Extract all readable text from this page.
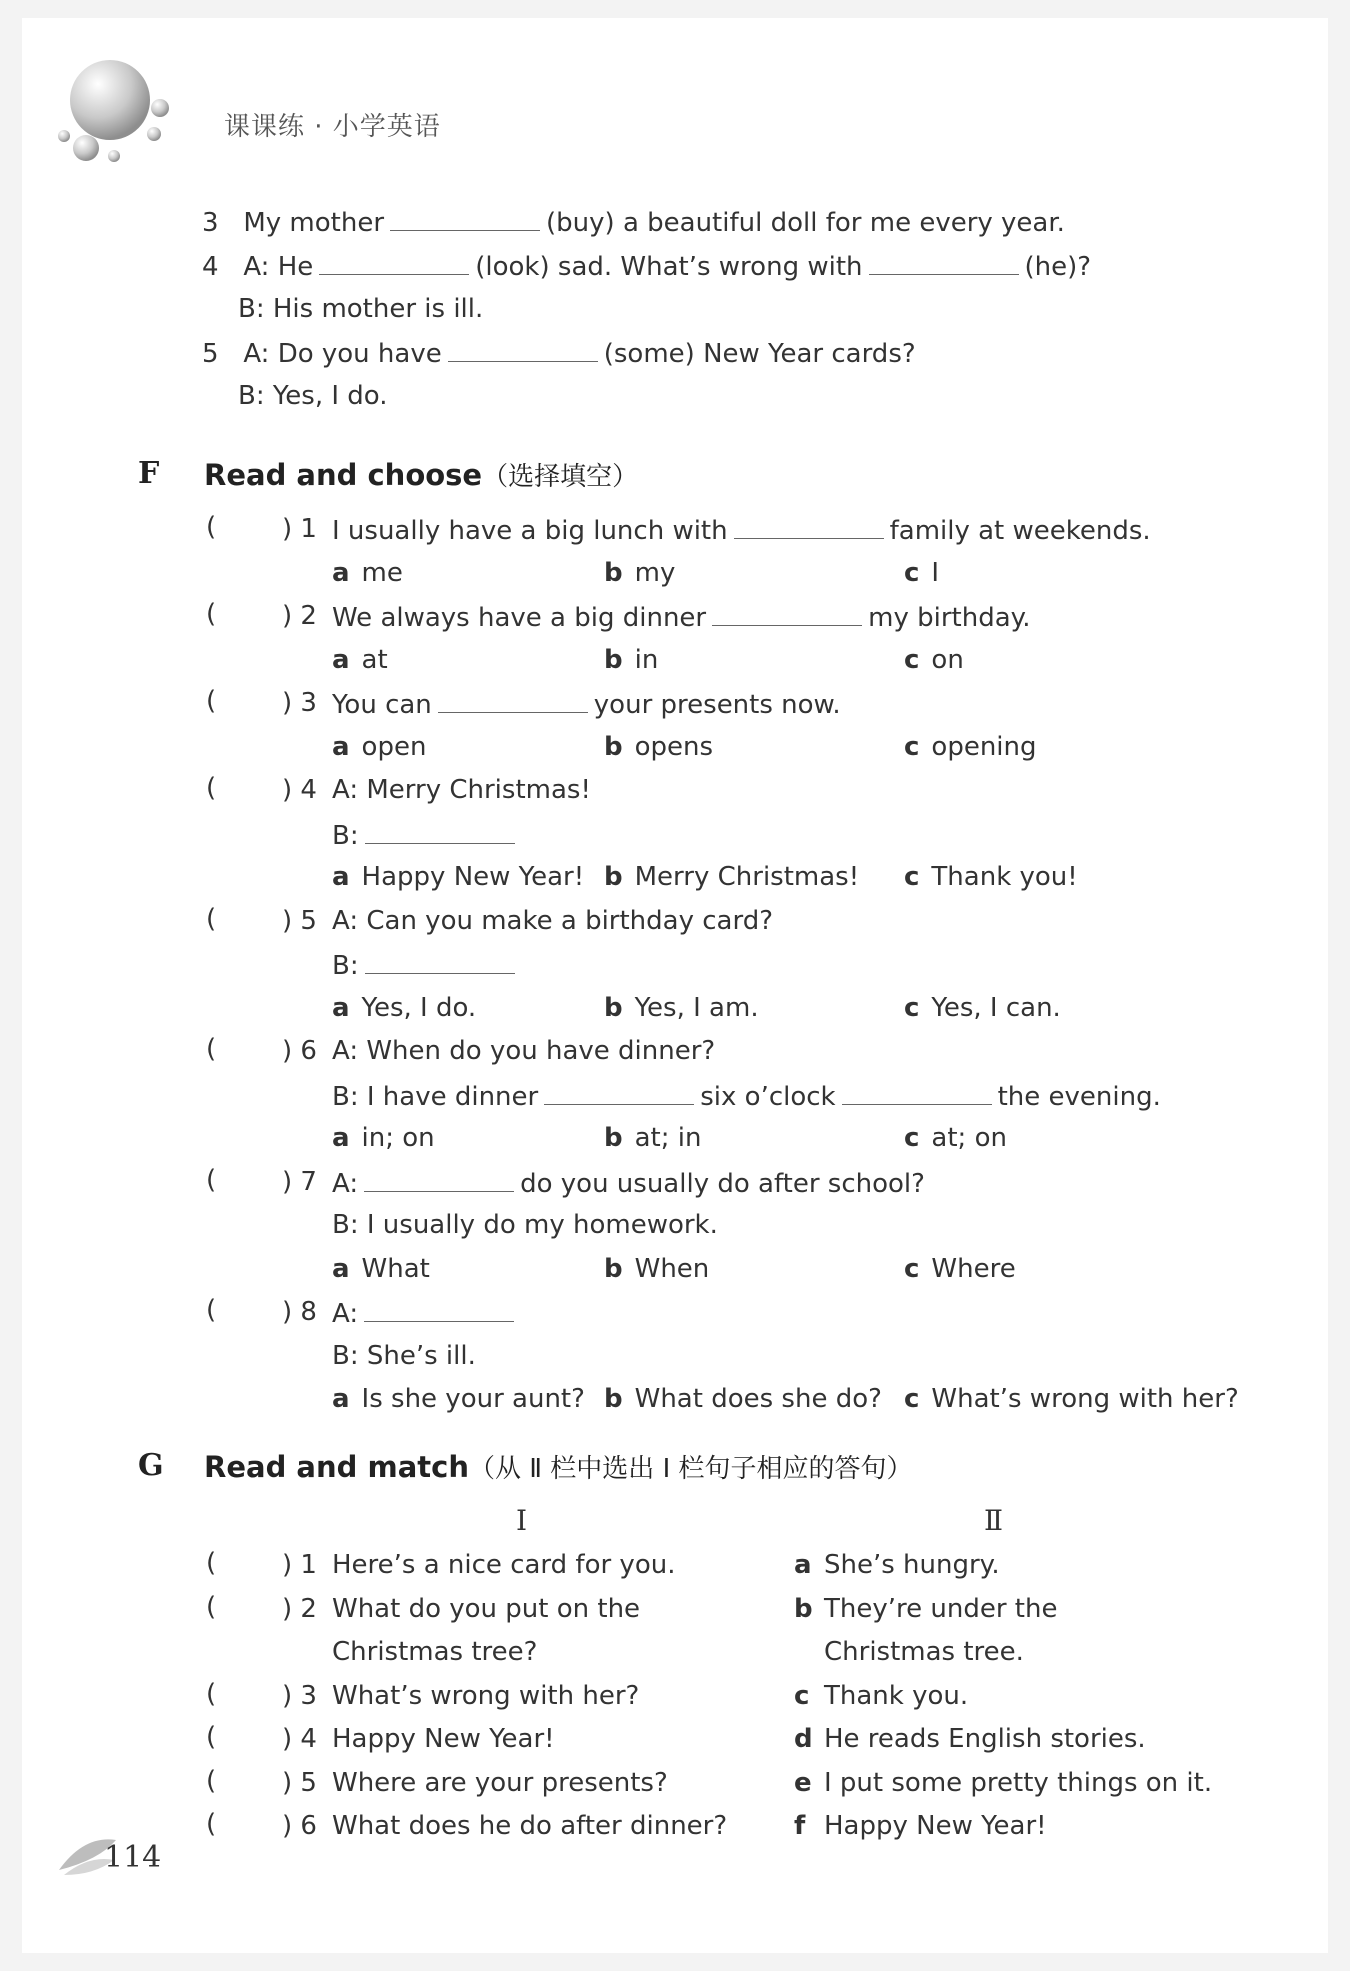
课课练 · 小学英语
3 My mother	(buy) a beautiful doll for me every year.
4 A: He	(look) sad. What’s wrong with	(he)?
B: His mother is ill.
5 A: Do you have	(some) New Year cards?
B: Yes, I do.
F Read and choose（选择填空）
(	) 1 I usually have a big lunch with	family at weekends.
a me	b my	c I
(	) 2 We always have a big dinner	my birthday.
a at	b in	c on
(	) 3 You can	your presents now.
a open	b opens	c opening
(	) 4 A: Merry Christmas!
B:
a Happy New Year! b Merry Christmas! c Thank you!
(	) 5 A: Can you make a birthday card?
B:
a Yes, I do.	b Yes, I am.	c Yes, I can.
(	) 6 A: When do you have dinner?
B: I have dinner	six o’clock	the evening.
a in; on	b at; in	c at; on
(	) 7 A:	do you usually do after school?
B: I usually do my homework.
a What	b When	c Where
(	) 8 A:
B: She’s ill.
a Is she your aunt? b What does she do? c What’s wrong with her?
G Read and match（从 Ⅱ 栏中选出 Ⅰ 栏句子相应的答句）
Ⅰ	Ⅱ
(	) 1 Here’s a nice card for you.	a She’s hungry.
(	) 2 What do you put on the	b They’re under the
Christmas tree?	Christmas tree.
(	) 3 What’s wrong with her?	c Thank you.
(	) 4 Happy New Year!	d He reads English stories.
(	) 5 Where are your presents?	e I put some pretty things on it.
(	) 6 What does he do after dinner?	f Happy New Year!
114
